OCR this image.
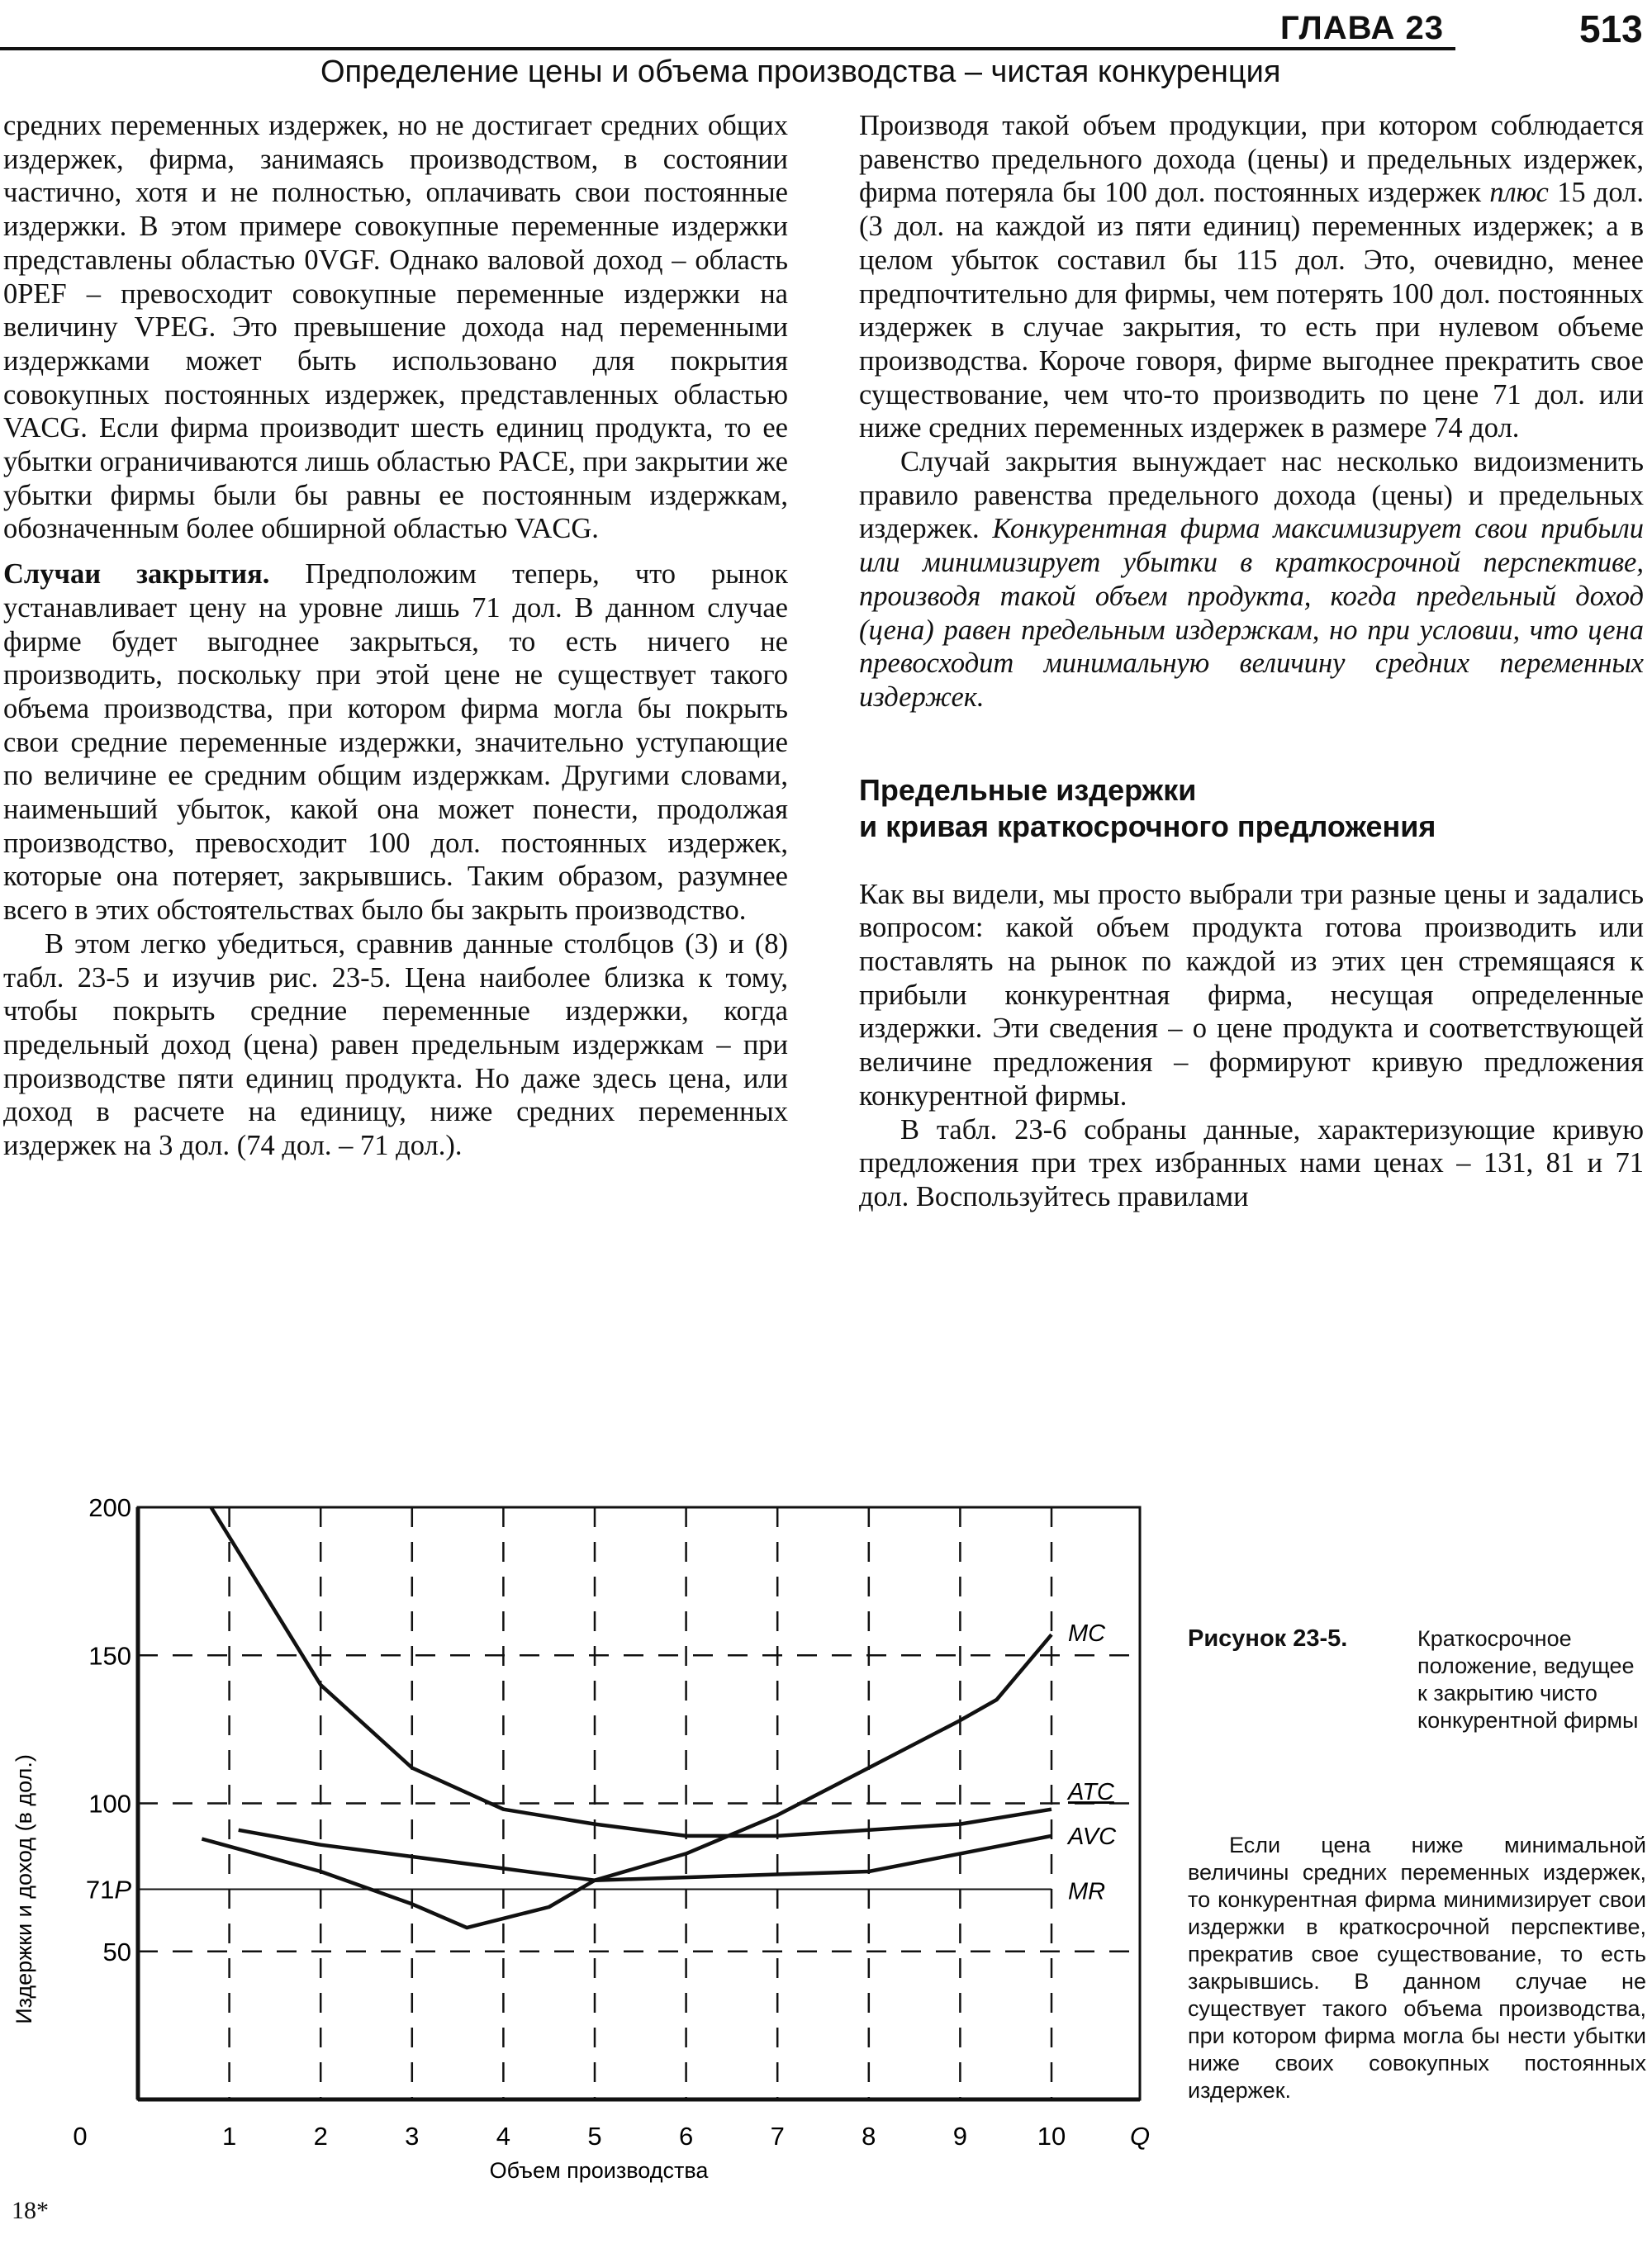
ГЛАВА 23	513
Определение цены и объема производства – чистая конкуренция

средних переменных издержек, но не достигает средних общих издержек, фирма, занимаясь производством, в состоянии частично, хотя и не полностью, оплачивать свои постоянные издержки. В этом примере совокупные переменные издержки представлены областью 0VGF. Однако валовой доход – область 0PEF – превосходит совокупные переменные издержки на величину VPEG. Это превышение дохода над переменными издержками может быть использовано для покрытия совокупных постоянных издержек, представленных областью VACG. Если фирма производит шесть единиц продукта, то ее убытки ограничиваются лишь областью PACE, при закрытии же убытки фирмы были бы равны ее постоянным издержкам, обозначенным более обширной областью VACG.

Случаи закрытия. Предположим теперь, что рынок устанавливает цену на уровне лишь 71 дол. В данном случае фирме будет выгоднее закрыться, то есть ничего не производить, поскольку при этой цене не существует такого объема производства, при котором фирма могла бы покрыть свои средние переменные издержки, значительно уступающие по величине ее средним общим издержкам. Другими словами, наименьший убыток, какой она может понести, продолжая производство, превосходит 100 дол. постоянных издержек, которые она потеряет, закрывшись. Таким образом, разумнее всего в этих обстоятельствах было бы закрыть производство.

В этом легко убедиться, сравнив данные столбцов (3) и (8) табл. 23-5 и изучив рис. 23-5. Цена наиболее близка к тому, чтобы покрыть средние переменные издержки, когда предельный доход (цена) равен предельным издержкам – при производстве пяти единиц продукта. Но даже здесь цена, или доход в расчете на единицу, ниже средних переменных издержек на 3 дол. (74 дол. – 71 дол.).

Производя такой объем продукции, при котором соблюдается равенство предельного дохода (цены) и предельных издержек, фирма потеряла бы 100 дол. постоянных издержек плюс 15 дол. (3 дол. на каждой из пяти единиц) переменных издержек; а в целом убыток составил бы 115 дол. Это, очевидно, менее предпочтительно для фирмы, чем потерять 100 дол. постоянных издержек в случае закрытия, то есть при нулевом объеме производства. Короче говоря, фирме выгоднее прекратить свое существование, чем что-то производить по цене 71 дол. или ниже средних переменных издержек в размере 74 дол.

Случай закрытия вынуждает нас несколько видоизменить правило равенства предельного дохода (цены) и предельных издержек. Конкурентная фирма максимизирует свои прибыли или минимизирует убытки в краткосрочной перспективе, производя такой объем продукта, когда предельный доход (цена) равен предельным издержкам, но при условии, что цена превосходит минимальную величину средних переменных издержек.

Предельные издержки
и кривая краткосрочного предложения

Как вы видели, мы просто выбрали три разные цены и задались вопросом: какой объем продукта готова производить или поставлять на рынок по каждой из этих цен стремящаяся к прибыли конкурентная фирма, несущая определенные издержки. Эти сведения – о цене продукта и соответствующей величине предложения – формируют кривую предложения конкурентной фирмы.

В табл. 23-6 собраны данные, характеризующие кривую предложения при трех избранных нами ценах – 131, 81 и 71 дол. Воспользуйтесь правилами

MC
ATC
AVC
MR
200
150
100
71P
50
0	1	2	3	4	5	6	7	8	9	10	Q
Объем производства
Издержки и доход (в дол.)
Рисунок 23-5.	Краткосрочное положение, ведущее к закрытию чисто конкурентной фирмы
Если цена ниже минимальной величины средних переменных издержек, то конкурентная фирма минимизирует свои издержки в краткосрочной перспективе, прекратив свое существование, то есть закрывшись. В данном случае не существует такого объема производства, при котором фирма могла бы нести убытки ниже своих совокупных постоянных издержек.
18*
